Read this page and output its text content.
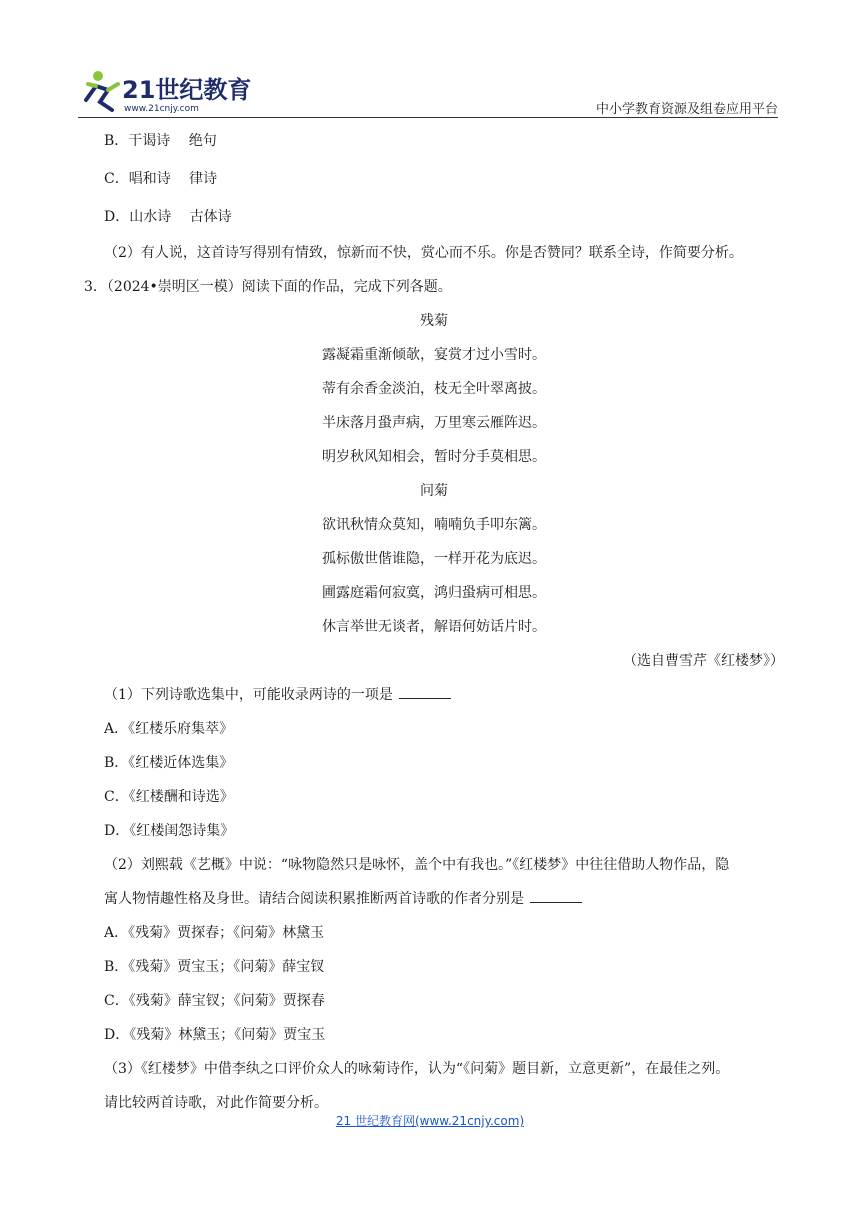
21世纪教育
www.21cnjy.com	中小学教育资源及组卷应用平台
B．干谒诗　 绝句
C．唱和诗　 律诗
D．山水诗　 古体诗
（2）有人说，这首诗写得别有情致，惊新而不快，赏心而不乐。你是否赞同？联系全诗，作简要分析。
3．（2024•崇明区一模）阅读下面的作品，完成下列各题。
残菊
露凝霜重渐倾欹，宴赏才过小雪时。
蒂有余香金淡泊，枝无全叶翠离披。
半床落月蛩声病，万里寒云雁阵迟。
明岁秋风知相会，暂时分手莫相思。
问菊
欲讯秋情众莫知，喃喃负手叩东篱。
孤标傲世偕谁隐，一样开花为底迟。
圃露庭霜何寂寞，鸿归蛩病可相思。
休言举世无谈者，解语何妨话片时。
（选自曹雪芹《红楼梦》）
（1）下列诗歌选集中，可能收录两诗的一项是
A．《红楼乐府集萃》
B．《红楼近体选集》
C．《红楼酬和诗选》
D．《红楼闺怨诗集》
（2）刘熙载《艺概》中说：“咏物隐然只是咏怀，盖个中有我也。”《红楼梦》中往往借助人物作品，隐
寓人物情趣性格及身世。请结合阅读积累推断两首诗歌的作者分别是
A．《残菊》贾探春；《问菊》林黛玉
B．《残菊》贾宝玉；《问菊》薛宝钗
C．《残菊》薛宝钗；《问菊》贾探春
D．《残菊》林黛玉；《问菊》贾宝玉
（3）《红楼梦》中借李纨之口评价众人的咏菊诗作，认为“《问菊》题目新，立意更新”，在最佳之列。
请比较两首诗歌，对此作简要分析。
21 世纪教育网(www.21cnjy.com)
